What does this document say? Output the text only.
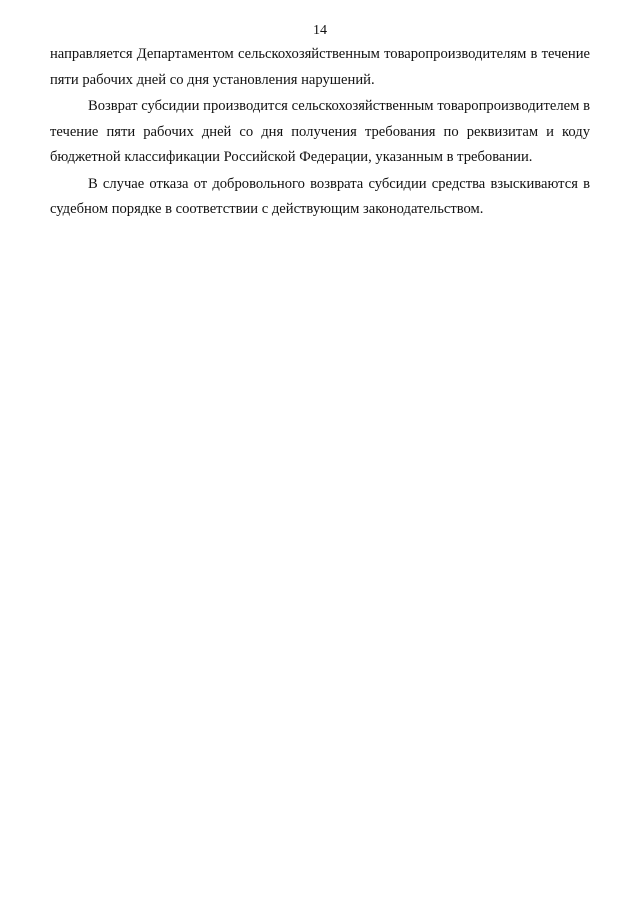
14

направляется Департаментом сельскохозяйственным товаропроизводителям в течение пяти рабочих дней со дня установления нарушений.

Возврат субсидии производится сельскохозяйственным товаропроизводителем в течение пяти рабочих дней со дня получения требования по реквизитам и коду бюджетной классификации Российской Федерации, указанным в требовании.

В случае отказа от добровольного возврата субсидии средства взыскиваются в судебном порядке в соответствии с действующим законодательством.
